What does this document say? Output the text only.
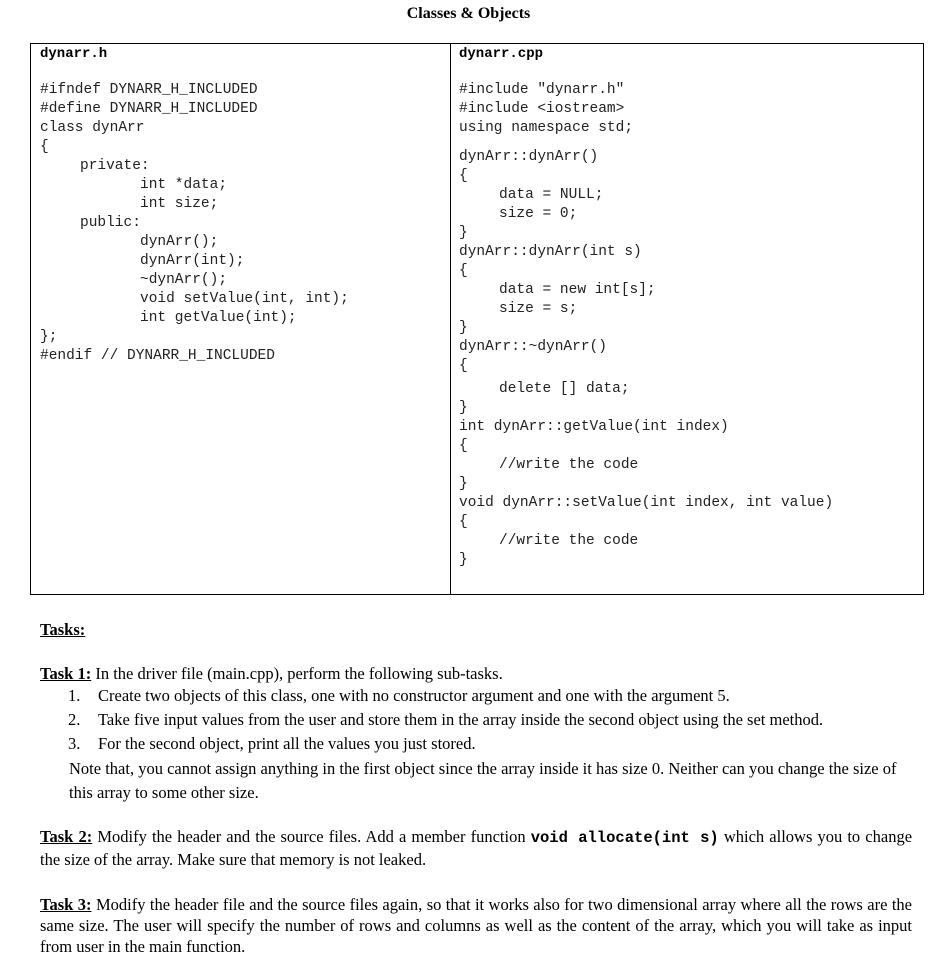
Classes & Objects
dynarr.h
#ifndef DYNARR_H_INCLUDED
#define DYNARR_H_INCLUDED
class dynArr
{
private:
int *data;
int size;
public:
dynArr();
dynArr(int);
~dynArr();
void setValue(int, int);
int getValue(int);
};
#endif // DYNARR_H_INCLUDED
dynarr.cpp
#include "dynarr.h"
#include <iostream>
using namespace std;
dynArr::dynArr()
{
data = NULL;
size = 0;
}
dynArr::dynArr(int s)
{
data = new int[s];
size = s;
}
dynArr::~dynArr()
{
delete [] data;
}
int dynArr::getValue(int index)
{
//write the code
}
void dynArr::setValue(int index, int value)
{
//write the code
}
Tasks:
Task 1: In the driver file (main.cpp), perform the following sub-tasks.
1. Create two objects of this class, one with no constructor argument and one with the argument 5.
2. Take five input values from the user and store them in the array inside the second object using the set method.
3. For the second object, print all the values you just stored.
Note that, you cannot assign anything in the first object since the array inside it has size 0. Neither can you change the size of this array to some other size.
Task 2: Modify the header and the source files. Add a member function void allocate(int s) which allows you to change the size of the array. Make sure that memory is not leaked.
Task 3: Modify the header file and the source files again, so that it works also for two dimensional array where all the rows are the same size. The user will specify the number of rows and columns as well as the content of the array, which you will take as input from user in the main function.
